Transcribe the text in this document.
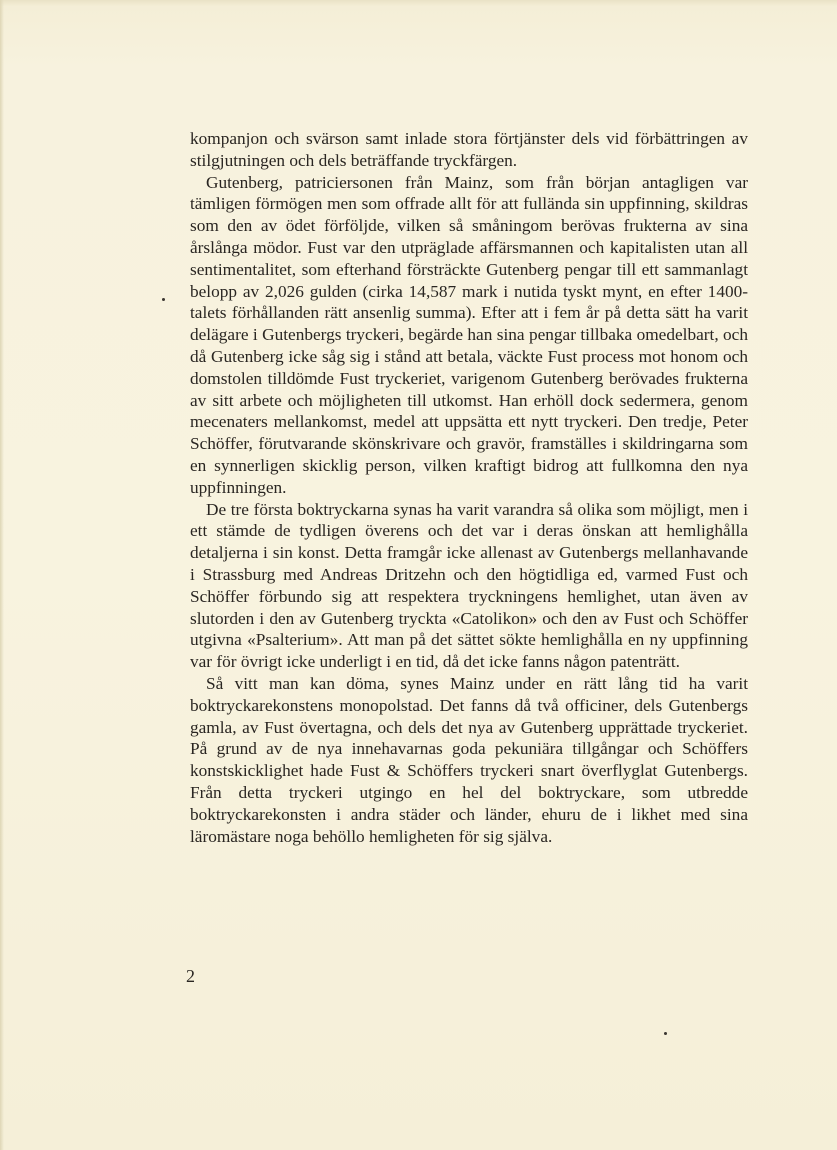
kompanjon och svärson samt inlade stora förtjänster dels vid förbättringen av stilgjutningen och dels beträffande tryckfärgen.

Gutenberg, patriciersonen från Mainz, som från början antagligen var tämligen förmögen men som offrade allt för att fullända sin uppfinning, skildras som den av ödet förföljde, vilken så småningom berövas frukterna av sina årslånga mödor. Fust var den utpräglade affärsmannen och kapitalisten utan all sentimentalitet, som efterhand försträckte Gutenberg pengar till ett sammanlagt belopp av 2,026 gulden (cirka 14,587 mark i nutida tyskt mynt, en efter 1400-talets förhållanden rätt ansenlig summa). Efter att i fem år på detta sätt ha varit delägare i Gutenbergs tryckeri, begärde han sina pengar tillbaka omedelbart, och då Gutenberg icke såg sig i stånd att betala, väckte Fust process mot honom och domstolen tilldömde Fust tryckeriet, varigenom Gutenberg berövades frukterna av sitt arbete och möjligheten till utkomst. Han erhöll dock sedermera, genom mecenaters mellankomst, medel att uppsätta ett nytt tryckeri. Den tredje, Peter Schöffer, förutvarande skönskrivare och gravör, framställes i skildringarna som en synnerligen skicklig person, vilken kraftigt bidrog att fullkomna den nya uppfinningen.

De tre första boktryckarna synas ha varit varandra så olika som möjligt, men i ett stämde de tydligen överens och det var i deras önskan att hemlighålla detaljerna i sin konst. Detta framgår icke allenast av Gutenbergs mellanhavande i Strassburg med Andreas Dritzehn och den högtidliga ed, varmed Fust och Schöffer förbundo sig att respektera tryckningens hemlighet, utan även av slutorden i den av Gutenberg tryckta «Catolikon» och den av Fust och Schöffer utgivna «Psalterium». Att man på det sättet sökte hemlighålla en ny uppfinning var för övrigt icke underligt i en tid, då det icke fanns någon patenträtt.

Så vitt man kan döma, synes Mainz under en rätt lång tid ha varit boktryckarekonstens monopolstad. Det fanns då två officiner, dels Gutenbergs gamla, av Fust övertagna, och dels det nya av Gutenberg upprättade tryckeriet. På grund av de nya innehavarnas goda pekuniära tillgångar och Schöffers konstskicklighet hade Fust & Schöffers tryckeri snart överflyglat Gutenbergs. Från detta tryckeri utgingo en hel del boktryckare, som utbredde boktryckarekonsten i andra städer och länder, ehuru de i likhet med sina läromästare noga behöllo hemligheten för sig själva.

2
